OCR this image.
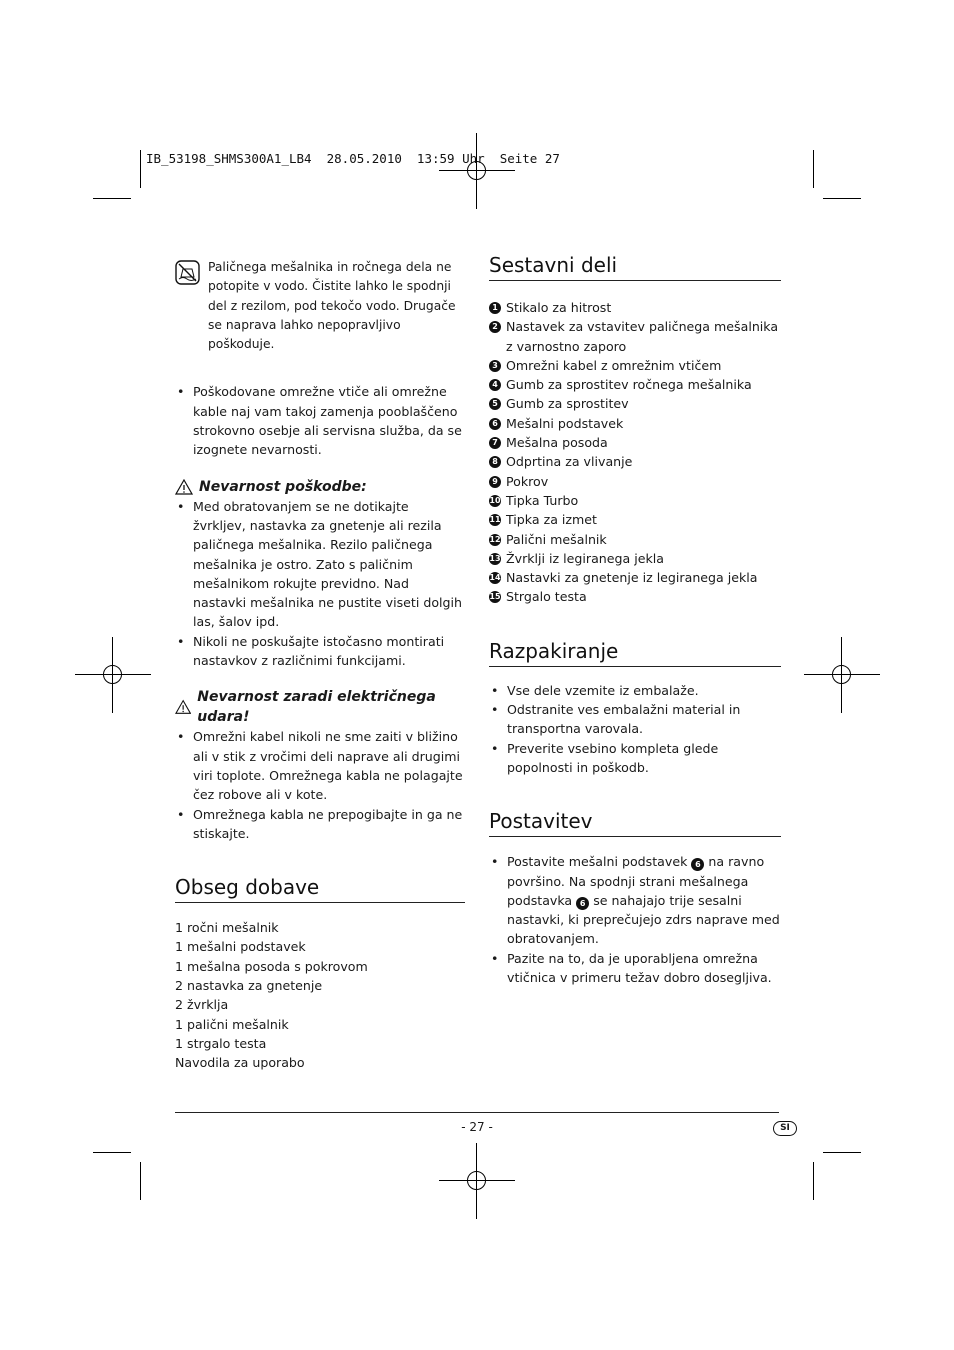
IB_53198_SHMS300A1_LB4  28.05.2010  13:59 Uhr  Seite 27
Paličnega mešalnika in ročnega dela ne potopite v vodo. Čistite lahko le spodnji del z rezilom, pod tekočo vodo. Drugače se naprava lahko nepopravljivo poškoduje.
• Poškodovane omrežne vtiče ali omrežne kable naj vam takoj zamenja pooblaščeno strokovno osebje ali servisna služba, da se izognete nevarnosti.
Nevarnost poškodbe:
• Med obratovanjem se ne dotikajte žvrkljev, nastavka za gnetenje ali rezila paličnega mešalnika. Rezilo paličnega mešalnika je ostro. Zato s paličnim mešalnikom rokujte previdno. Nad nastavki mešalnika ne pustite viseti dolgih las, šalov ipd.
• Nikoli ne poskušajte istočasno montirati nastavkov z različnimi funkcijami.
Nevarnost zaradi električnega udara!
• Omrežni kabel nikoli ne sme zaiti v bližino ali v stik z vročimi deli naprave ali drugimi viri toplote. Omrežnega kabla ne polagajte čez robove ali v kote.
• Omrežnega kabla ne prepogibajte in ga ne stiskajte.
Obseg dobave
1 ročni mešalnik
1 mešalni podstavek
1 mešalna posoda s pokrovom
2 nastavka za gnetenje
2 žvrklja
1 palični mešalnik
1 strgalo testa
Navodila za uporabo
Sestavni deli
1 Stikalo za hitrost
2 Nastavek za vstavitev paličnega mešalnika z varnostno zaporo
3 Omrežni kabel z omrežnim vtičem
4 Gumb za sprostitev ročnega mešalnika
5 Gumb za sprostitev
6 Mešalni podstavek
7 Mešalna posoda
8 Odprtina za vlivanje
9 Pokrov
10 Tipka Turbo
11 Tipka za izmet
12 Palični mešalnik
13 Žvrklji iz legiranega jekla
14 Nastavki za gnetenje iz legiranega jekla
15 Strgalo testa
Razpakiranje
• Vse dele vzemite iz embalaže.
• Odstranite ves embalažni material in transportna varovala.
• Preverite vsebino kompleta glede popolnosti in poškodb.
Postavitev
• Postavite mešalni podstavek 6 na ravno površino. Na spodnji strani mešalnega podstavka 6 se nahajajo trije sesalni nastavki, ki preprečujejo zdrs naprave med obratovanjem.
• Pazite na to, da je uporabljena omrežna vtičnica v primeru težav dobro dosegljiva.
- 27 -	SI
